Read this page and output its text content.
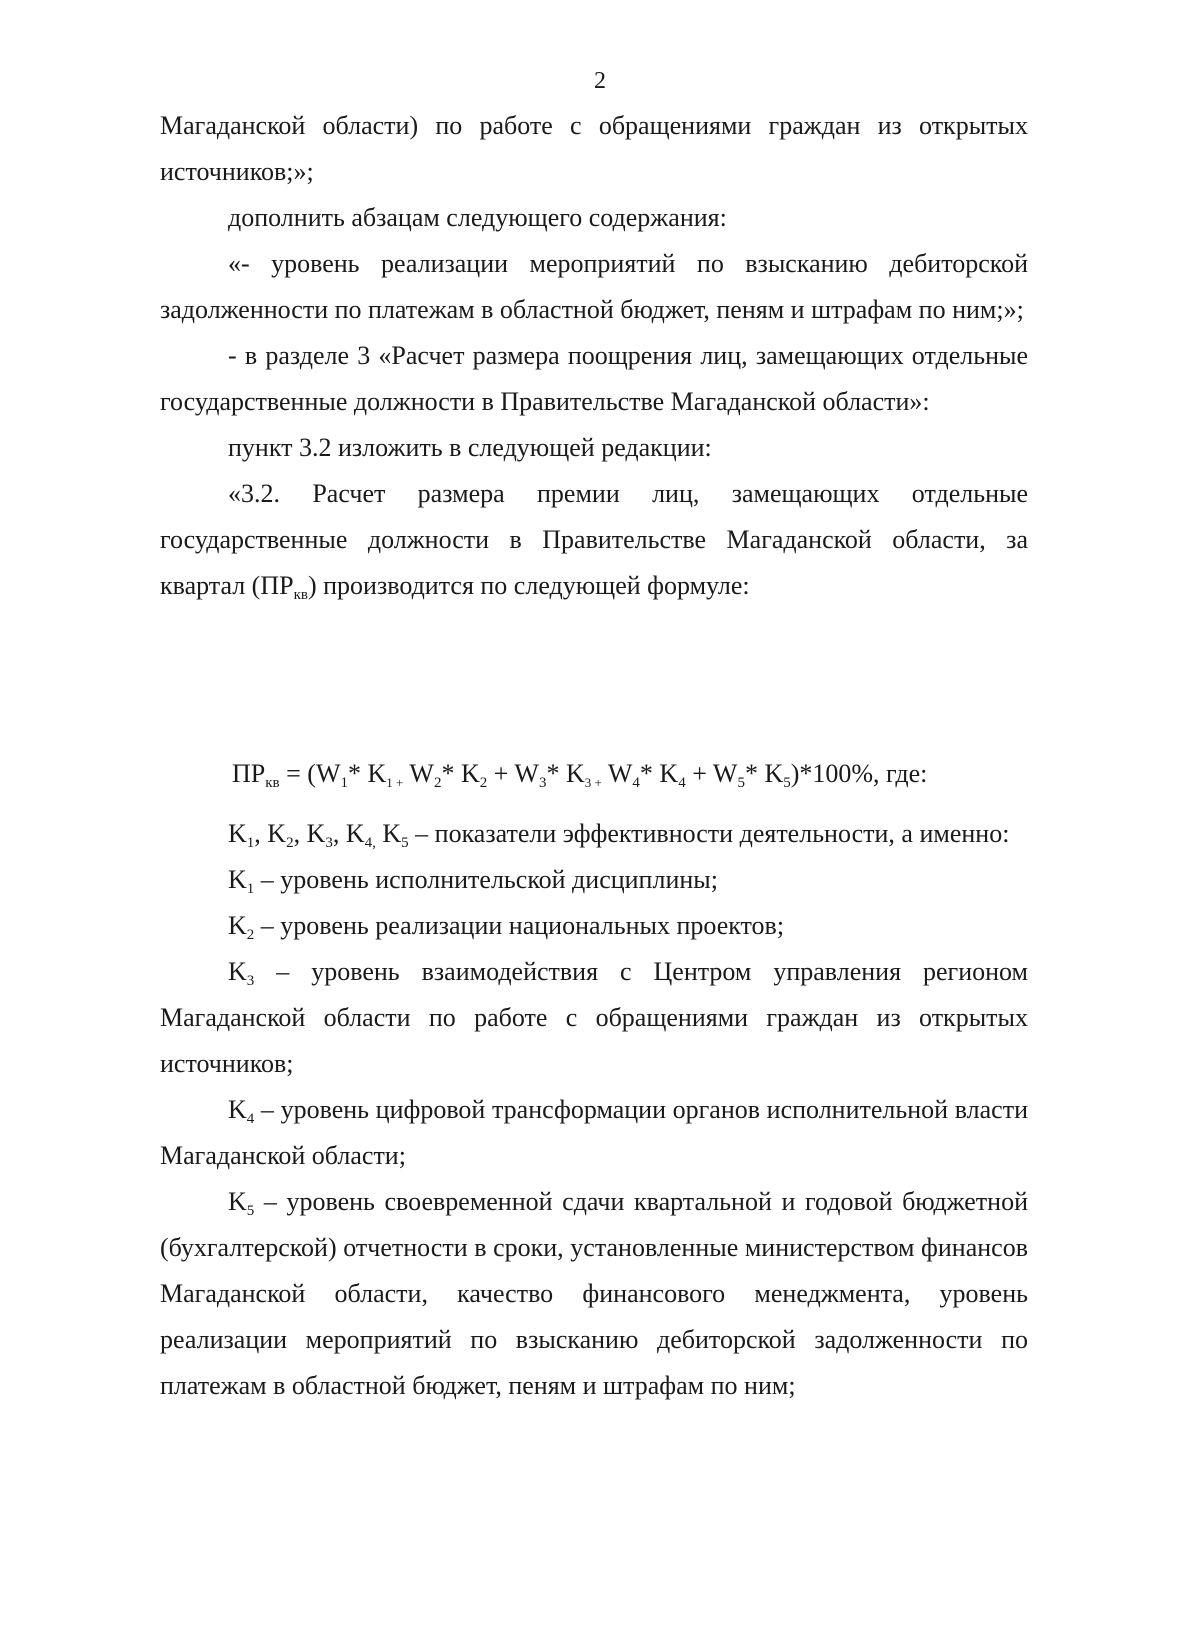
2

Магаданской области) по работе с обращениями граждан из открытых источников;»;

дополнить абзацам следующего содержания:

«- уровень реализации мероприятий по взысканию дебиторской задолженности по платежам в областной бюджет, пеням и штрафам по ним;»;

- в разделе 3 «Расчет размера поощрения лиц, замещающих отдельные государственные должности в Правительстве Магаданской области»:

пункт 3.2 изложить в следующей редакции:

«3.2. Расчет размера премии лиц, замещающих отдельные государственные должности в Правительстве Магаданской области, за квартал $(ПР_{кв})$ производится по следующей формуле:

$ПР_{кв} = (W_1*$ $K_{1 +}$ $W_2*$ $K_2 + W_3*$ $K_{3 +}$ $W_4*$ $K_4 + W_5*$ $K_5)*100\%$, где:

$K_1$, $K_2$, $K_3$, $K_{4,}$ $K_5$ – показатели эффективности деятельности, а именно:

$K_1$ – уровень исполнительской дисциплины;

$K_2$ – уровень реализации национальных проектов;

$K_3$ – уровень взаимодействия с Центром управления регионом Магаданской области по работе с обращениями граждан из открытых источников;

$K_4$ – уровень цифровой трансформации органов исполнительной власти Магаданской области;

$K_5$ – уровень своевременной сдачи квартальной и годовой бюджетной (бухгалтерской) отчетности в сроки, установленные министерством финансов Магаданской области, качество финансового менеджмента, уровень реализации мероприятий по взысканию дебиторской задолженности по платежам в областной бюджет, пеням и штрафам по ним;
